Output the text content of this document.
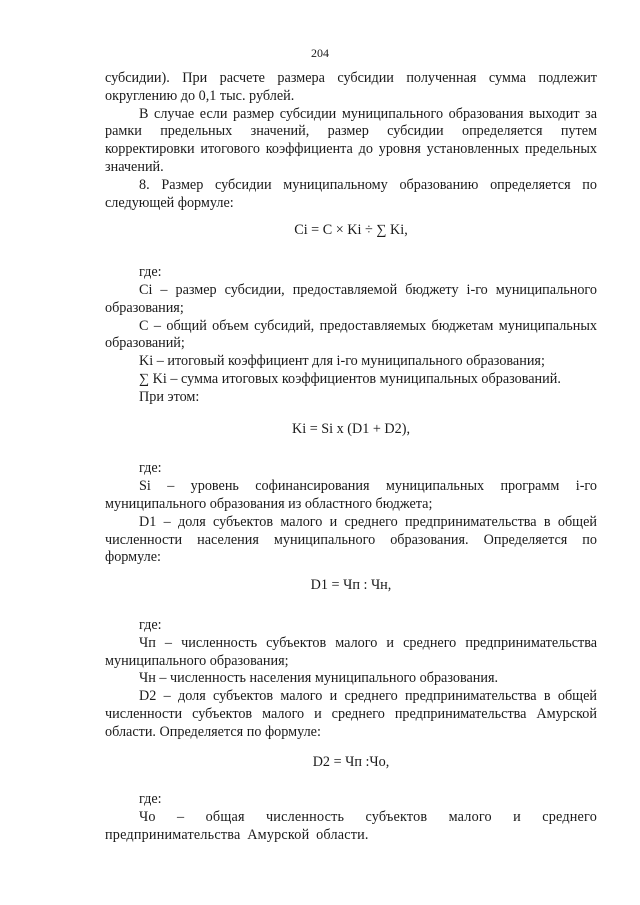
204

субсидии). При расчете размера субсидии полученная сумма подлежит округлению до 0,1 тыс. рублей.

В случае если размер субсидии муниципального образования выходит за рамки предельных значений, размер субсидии определяется путем корректировки итогового коэффициента до уровня установленных предельных значений.

8. Размер субсидии муниципальному образованию определяется по следующей формуле:

Ci = C × Ki ÷ ∑ Ki,

где:

Ci – размер субсидии, предоставляемой бюджету i-го муниципального образования;

C – общий объем субсидий, предоставляемых бюджетам муниципальных образований;

Ki – итоговый коэффициент для i-го муниципального образования;

∑ Ki – сумма итоговых коэффициентов муниципальных образований.

При этом:

Ki = Si x (D1 + D2),

где:

Si – уровень софинансирования муниципальных программ i-го муниципального образования из областного бюджета;

D1 – доля субъектов малого и среднего предпринимательства в общей численности населения муниципального образования. Определяется по формуле:

D1 = Чп : Чн,

где:

Чп – численность субъектов малого и среднего предпринимательства муниципального образования;

Чн – численность населения муниципального образования.

D2 – доля субъектов малого и среднего предпринимательства в общей численности субъектов малого и среднего предпринимательства Амурской области. Определяется по формуле:

D2 = Чп :Чо,

где:

Чо – общая численность субъектов малого и среднего предпринимательства Амурской области.
